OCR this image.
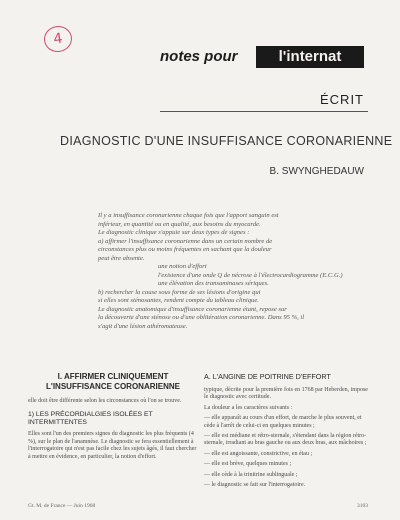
4
notes pour	l'internat
ÉCRIT
DIAGNOSTIC D'UNE INSUFFISANCE CORONARIENNE
B. SWYNGHEDAUW

Il y a insuffisance coronarienne chaque fois que l'apport sanguin est

inférieur, en quantité ou en qualité, aux besoins du myocarde.

Le diagnostic clinique s'appuie sur deux types de signes :

a) affirmer l'insuffisance coronarienne dans un certain nombre de

circonstances plus ou moins fréquentes en sachant que la douleur

peut être absente.

une notion d'effort

l'existence d'une onde Q de nécrose à l'électrocardiogramme (E.C.G.)

une élévation des transaminases sériques.

b) rechercher la cause sous forme de ses lésions d'origine qui

si elles sont sténosantes, rendent compte du tableau clinique.

Le diagnostic anatomique d'insuffisance coronarienne étant, repose sur

la découverte d'une sténose ou d'une oblitération coronarienne. Dans 95 %, il

s'agit d'une lésion athéromateuse.

I. AFFIRMER CLINIQUEMENT L'INSUFFISANCE CORONARIENNE

elle doit être différente selon les circonstances où l'on se trouve.

1) LES PRÉCORDIALGIES ISOLÉES ET INTERMITTENTES

Elles sont l'un des premiers signes du diagnostic les plus fréquents (4 %), sur le plan de l'anamnèse. Le diagnostic se fera essentiellement à l'interrogatoire qui n'est pas facile chez les sujets âgés, il faut chercher à mettre en évidence, en particulier, la notion d'effort.

A. L'ANGINE DE POITRINE D'EFFORT

typique, décrite pour la première fois en 1768 par Heberden, impose le diagnostic avec certitude.

La douleur a les caractères suivants :

— elle apparaît au cours d'un effort, de marche le plus souvent, et cède à l'arrêt de celui-ci en quelques minutes ;

— elle est médiane et rétro-sternale, s'étendant dans la région rétro-sternale, irradiant au bras gauche ou aux deux bras, aux mâchoires ;

— elle est angoissante, constrictive, en étau ;

— elle est brève, quelques minutes ;

— elle cède à la trinitrine sublinguale ;

— le diagnostic se fait sur l'interrogatoire.

Gt. M. de France — Juin 1968	3103
